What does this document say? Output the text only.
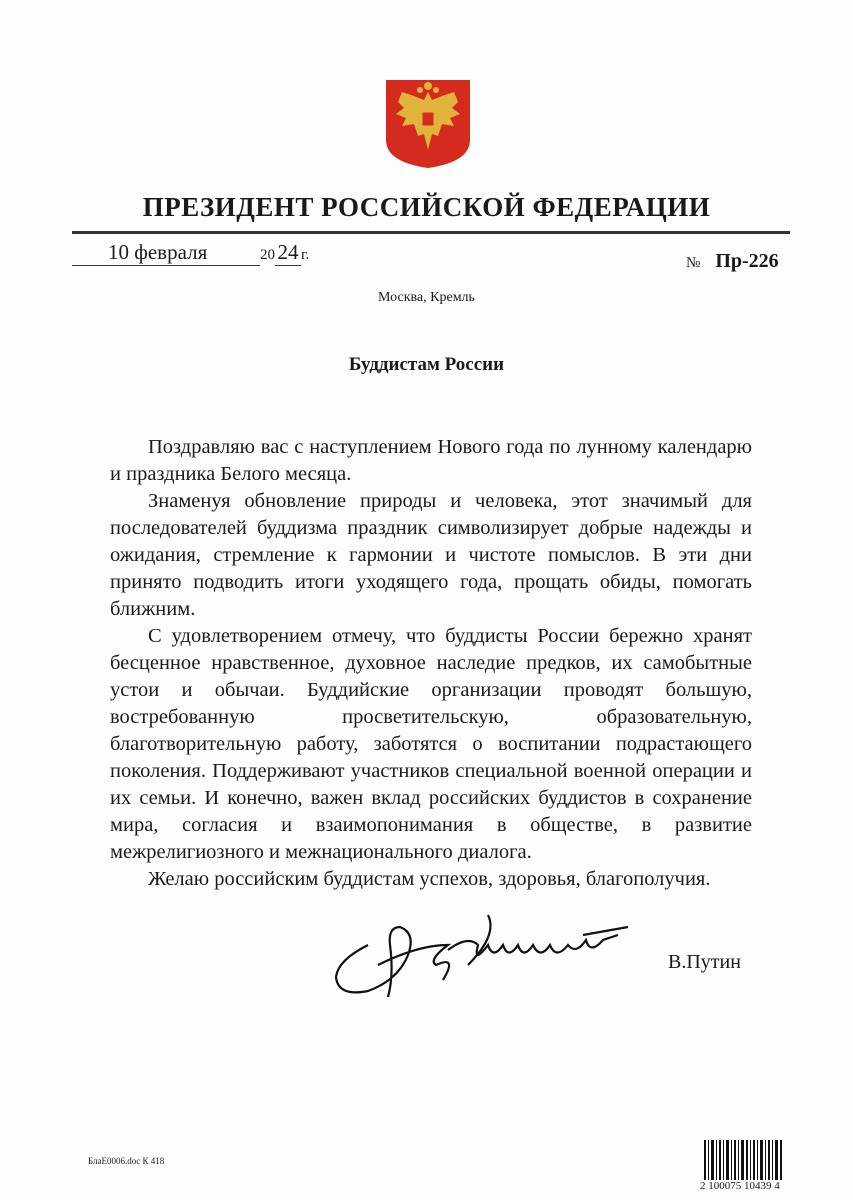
ПРЕЗИДЕНТ РОССИЙСКОЙ ФЕДЕРАЦИИ
10 февраля	20 24 г.	№ Пр-226
Москва, Кремль
Буддистам России

Поздравляю вас с наступлением Нового года по лунному календарю и праздника Белого месяца.

Знаменуя обновление природы и человека, этот значимый для последователей буддизма праздник символизирует добрые надежды и ожидания, стремление к гармонии и чистоте помыслов. В эти дни принято подводить итоги уходящего года, прощать обиды, помогать ближним.

С удовлетворением отмечу, что буддисты России бережно хранят бесценное нравственное, духовное наследие предков, их самобытные устои и обычаи. Буддийские организации проводят большую, востребованную просветительскую, образовательную, благотворительную работу, заботятся о воспитании подрастающего поколения. Поддерживают участников специальной военной операции и их семьи. И конечно, важен вклад российских буддистов в сохранение мира, согласия и взаимопонимания в обществе, в развитие межрелигиозного и межнационального диалога.

Желаю российским буддистам успехов, здоровья, благополучия.

В.Путин
БлаЕ0006.doc К 418
2 100075 10439 4
